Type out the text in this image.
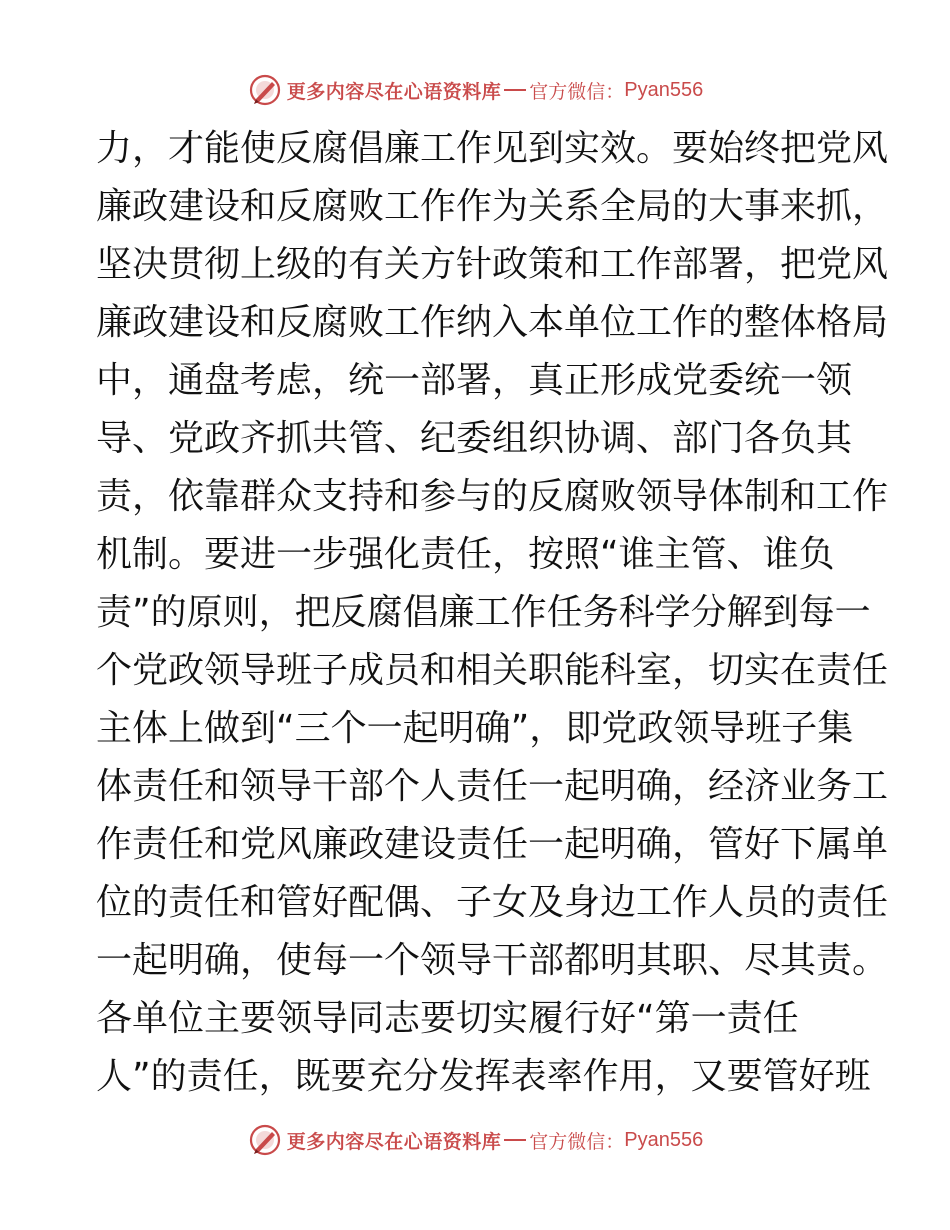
更多内容尽在心语资料库 官方微信： Pyan556
力，才能使反腐倡廉工作见到实效。要始终把党风
廉政建设和反腐败工作作为关系全局的大事来抓，
坚决贯彻上级的有关方针政策和工作部署，把党风
廉政建设和反腐败工作纳入本单位工作的整体格局
中，通盘考虑，统一部署，真正形成党委统一领
导、党政齐抓共管、纪委组织协调、部门各负其
责，依靠群众支持和参与的反腐败领导体制和工作
机制。要进一步强化责任，按照“谁主管、谁负
责”的原则，把反腐倡廉工作任务科学分解到每一
个党政领导班子成员和相关职能科室，切实在责任
主体上做到“三个一起明确”，即党政领导班子集
体责任和领导干部个人责任一起明确，经济业务工
作责任和党风廉政建设责任一起明确，管好下属单
位的责任和管好配偶、子女及身边工作人员的责任
一起明确，使每一个领导干部都明其职、尽其责。
各单位主要领导同志要切实履行好“第一责任
人”的责任，既要充分发挥表率作用，又要管好班
更多内容尽在心语资料库 官方微信： Pyan556
